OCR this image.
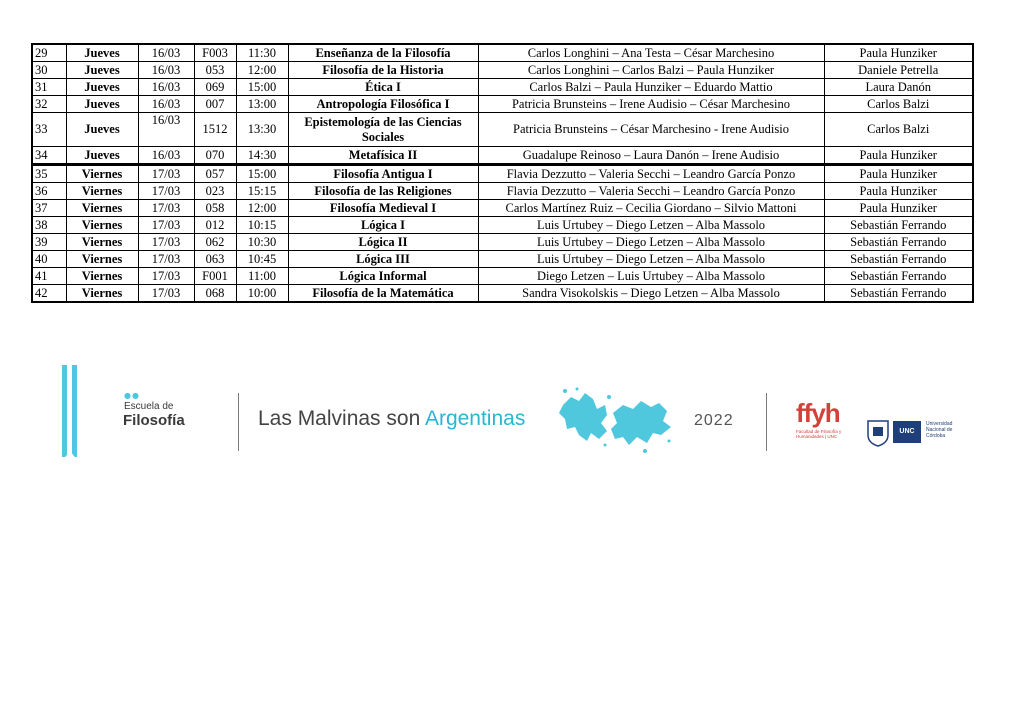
29	Jueves	16/03	F003	11:30	Enseñanza de la Filosofía	Carlos Longhini – Ana Testa – César Marchesino	Paula Hunziker
30	Jueves	16/03	053	12:00	Filosofía de la Historia	Carlos Longhini – Carlos Balzi – Paula Hunziker	Daniele Petrella
31	Jueves	16/03	069	15:00	Ética I	Carlos Balzi – Paula Hunziker – Eduardo Mattio	Laura Danón
32	Jueves	16/03	007	13:00	Antropología Filosófica I	Patricia Brunsteins – Irene Audisio – César Marchesino	Carlos Balzi
33	Jueves	16/03	1512	13:30	Epistemología de las Ciencias Sociales	Patricia Brunsteins – César Marchesino - Irene Audisio	Carlos Balzi
34	Jueves	16/03	070	14:30	Metafísica II	Guadalupe Reinoso – Laura Danón – Irene Audisio	Paula Hunziker
35	Viernes	17/03	057	15:00	Filosofía Antigua I	Flavia Dezzutto – Valeria Secchi – Leandro García Ponzo	Paula Hunziker
36	Viernes	17/03	023	15:15	Filosofía de las Religiones	Flavia Dezzutto – Valeria Secchi – Leandro García Ponzo	Paula Hunziker
37	Viernes	17/03	058	12:00	Filosofía Medieval I	Carlos Martínez Ruiz – Cecilia Giordano – Silvio Mattoni	Paula Hunziker
38	Viernes	17/03	012	10:15	Lógica I	Luis Urtubey – Diego Letzen – Alba Massolo	Sebastián Ferrando
39	Viernes	17/03	062	10:30	Lógica II	Luis Urtubey – Diego Letzen – Alba Massolo	Sebastián Ferrando
40	Viernes	17/03	063	10:45	Lógica III	Luis Urtubey – Diego Letzen – Alba Massolo	Sebastián Ferrando
41	Viernes	17/03	F001	11:00	Lógica Informal	Diego Letzen – Luis Urtubey – Alba Massolo	Sebastián Ferrando
42	Viernes	17/03	068	10:00	Filosofía de la Matemática	Sandra Visokolskis – Diego Letzen – Alba Massolo	Sebastián Ferrando
●●
Escuela de
Filosofía	Las Malvinas son Argentinas	2022 ffyh
Facultad de Filosofía y Humanidades | UNC
UNC
Universidad Nacional de Córdoba
